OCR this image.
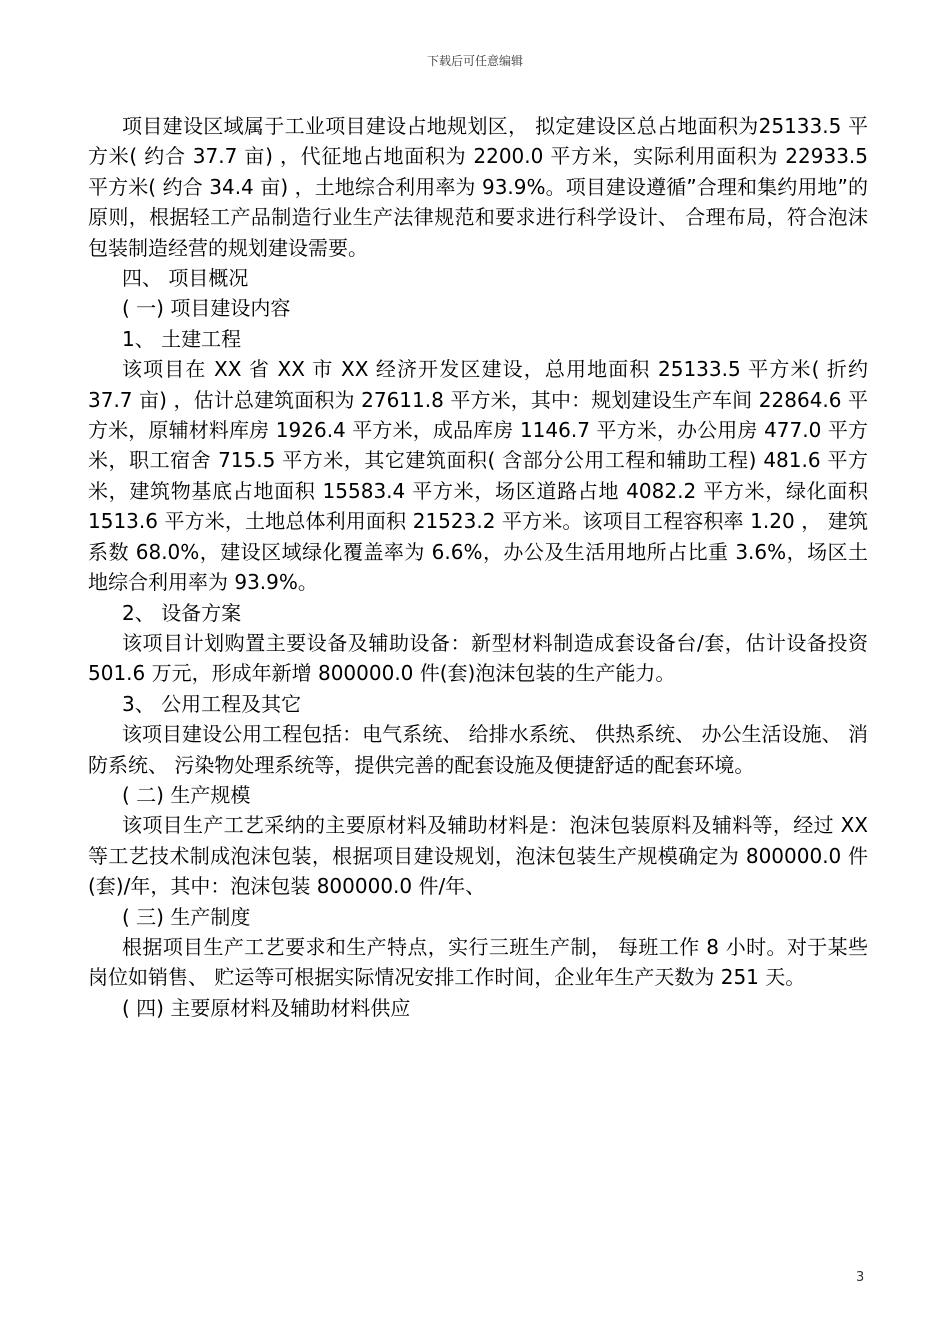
下载后可任意编辑

项目建设区域属于工业项目建设占地规划区， 拟定建设区总占地面积为25133.5 平方米( 约合 37.7 亩) ，代征地占地面积为 2200.0 平方米，实际利用面积为 22933.5 平方米( 约合 34.4 亩) ，土地综合利用率为 93.9%。项目建设遵循”合理和集约用地”的原则，根据轻工产品制造行业生产法律规范和要求进行科学设计、 合理布局，符合泡沫包装制造经营的规划建设需要。

四、 项目概况

( 一) 项目建设内容

1、 土建工程

该项目在 XX 省 XX 市 XX 经济开发区建设，总用地面积 25133.5 平方米( 折约 37.7 亩) ，估计总建筑面积为 27611.8 平方米，其中：规划建设生产车间 22864.6 平方米，原辅材料库房 1926.4 平方米，成品库房 1146.7 平方米，办公用房 477.0 平方米，职工宿舍 715.5 平方米，其它建筑面积( 含部分公用工程和辅助工程) 481.6 平方米，建筑物基底占地面积 15583.4 平方米，场区道路占地 4082.2 平方米，绿化面积 1513.6 平方米，土地总体利用面积 21523.2 平方米。该项目工程容积率 1.20 ， 建筑系数 68.0%，建设区域绿化覆盖率为 6.6%，办公及生活用地所占比重 3.6%，场区土地综合利用率为 93.9%。

2、 设备方案

该项目计划购置主要设备及辅助设备：新型材料制造成套设备台/套，估计设备投资 501.6 万元，形成年新增 800000.0 件(套)泡沫包装的生产能力。

3、 公用工程及其它

该项目建设公用工程包括：电气系统、 给排水系统、 供热系统、 办公生活设施、 消防系统、 污染物处理系统等，提供完善的配套设施及便捷舒适的配套环境。

( 二) 生产规模

该项目生产工艺采纳的主要原材料及辅助材料是：泡沫包装原料及辅料等，经过 XX 等工艺技术制成泡沫包装，根据项目建设规划，泡沫包装生产规模确定为 800000.0 件(套)/年，其中：泡沫包装 800000.0 件/年、

( 三) 生产制度

根据项目生产工艺要求和生产特点，实行三班生产制， 每班工作 8 小时。对于某些岗位如销售、 贮运等可根据实际情况安排工作时间，企业年生产天数为 251 天。

( 四) 主要原材料及辅助材料供应

3
